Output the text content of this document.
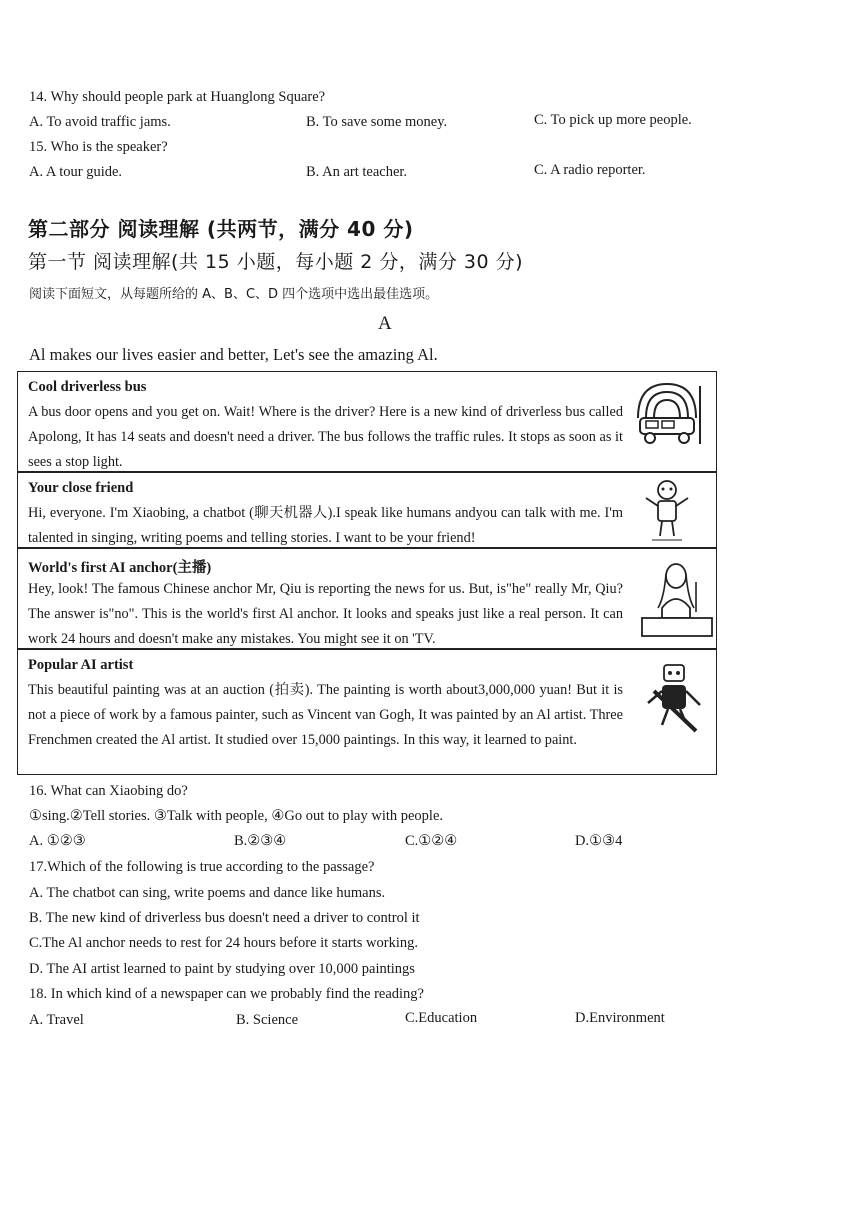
14. Why should people park at Huanglong Square?
A. To avoid traffic jams.	B. To save some money.	C. To pick up more people.
15. Who is the speaker?
A. A tour guide.	B. An art teacher.	C. A radio reporter.
第二部分 阅读理解 (共两节，满分 40 分)
第一节 阅读理解(共 15 小题，每小题 2 分，满分 30 分)
阅读下面短文，从每题所给的 A、B、C、D 四个选项中选出最佳选项。
A
Al makes our lives easier and better, Let's see the amazing Al.
Cool driverless bus
A bus door opens and you get on. Wait! Where is the driver? Here is a new kind of driverless bus called Apolong, It has 14 seats and doesn't need a driver. The bus follows the traffic rules. It stops as soon as it sees a stop light.
Your close friend
Hi, everyone. I'm Xiaobing, a chatbot (聊天机器人).I speak like humans andyou can talk with me. I'm talented in singing, writing poems and telling stories. I want to be your friend!
World's first AI anchor(主播)
Hey, look! The famous Chinese anchor Mr, Qiu is reporting the news for us. But, is"he" really Mr, Qiu? The answer is"no". This is the world's first Al anchor. It looks and speaks just like a real person. It can work 24 hours and doesn't make any mistakes. You might see it on 'TV.
Popular AI artist
This beautiful painting was at an auction (拍卖). The painting is worth about3,000,000 yuan! But it is not a piece of work by a famous painter, such as Vincent van Gogh, It was painted by an Al artist. Three Frenchmen created the Al artist. It studied over 15,000 paintings. In this way, it learned to paint.
16. What can Xiaobing do?
①sing.②Tell stories. ③Talk with people, ④Go out to play with people.
A. ①②③	B.②③④	C.①②④	D.①③4
17.Which of the following is true according to the passage?
A. The chatbot can sing, write poems and dance like humans.
B. The new kind of driverless bus doesn't need a driver to control it
C.The Al anchor needs to rest for 24 hours before it starts working.
D. The AI artist learned to paint by studying over 10,000 paintings
18. In which kind of a newspaper can we probably find the reading?
A. Travel	B. Science	C.Education	D.Environment
